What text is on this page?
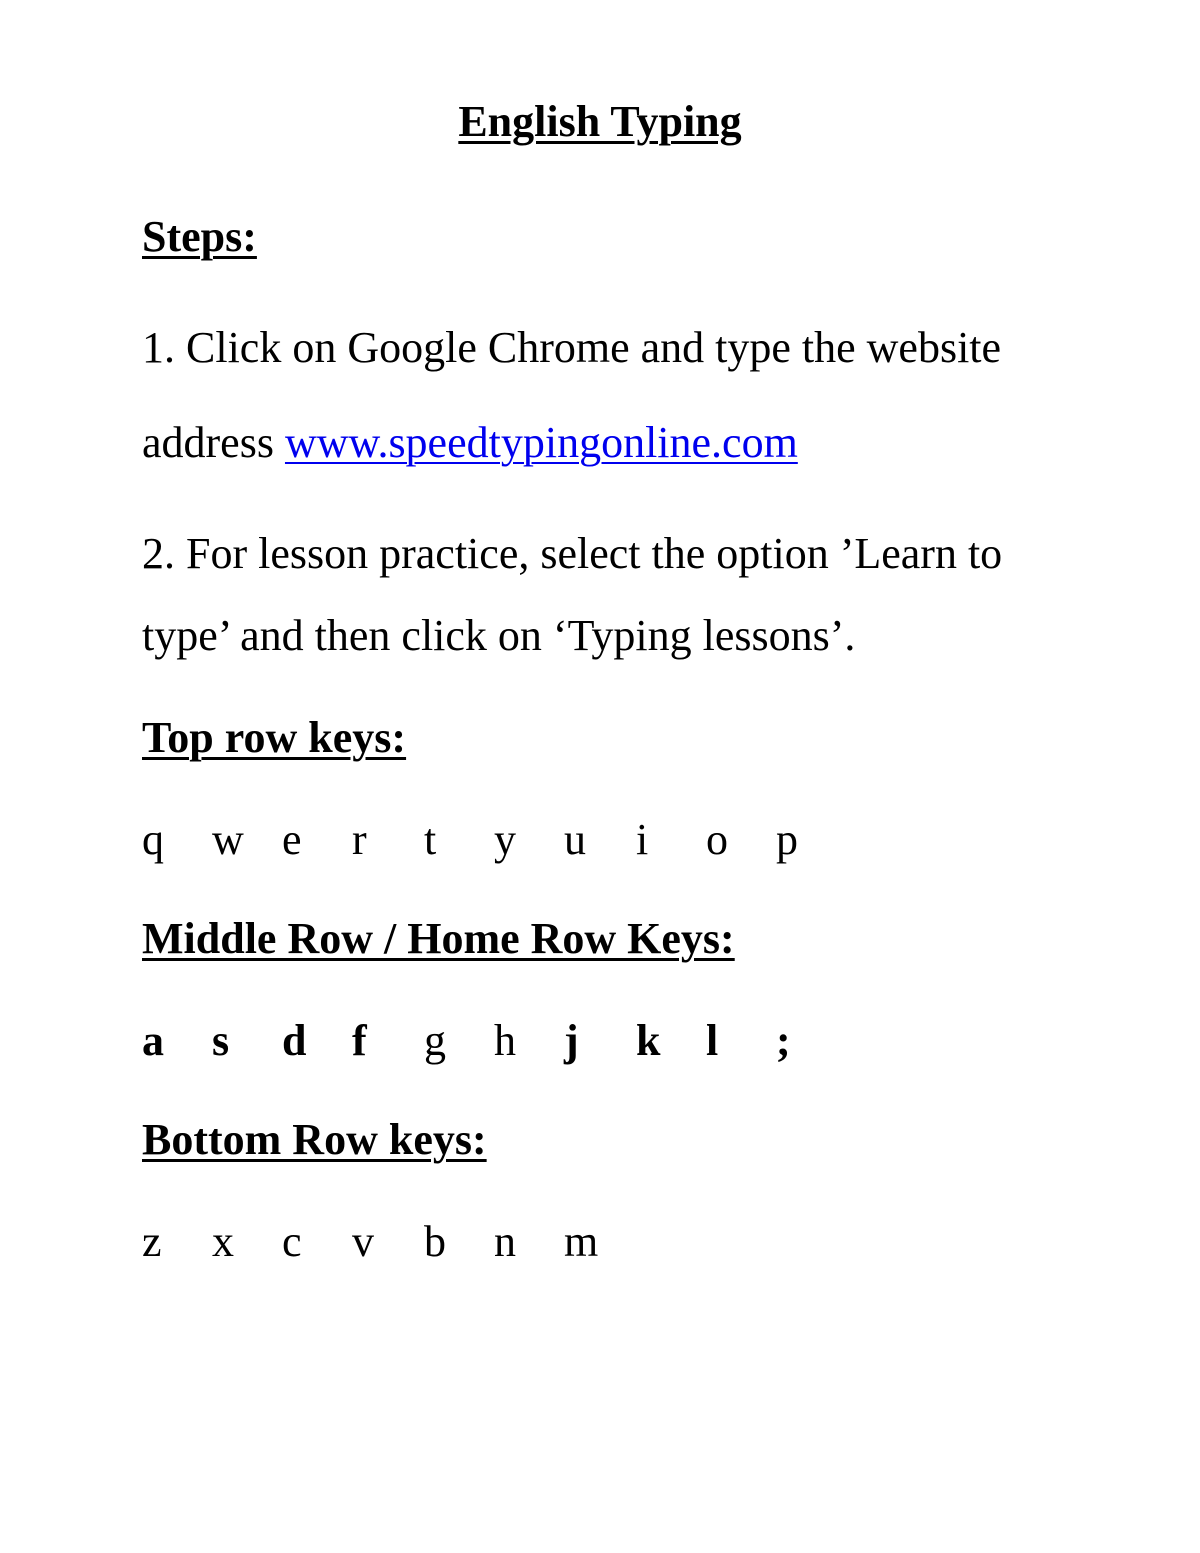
English Typing
Steps:
1. Click on Google Chrome and type the website
address www.speedtypingonline.com
2. For lesson practice, select the option ’Learn to
type’ and then click on ‘Typing lessons’.
Top row keys:
q w e r t y u i o p
Middle Row / Home Row Keys:
a s d f g h j k l ;
Bottom Row keys:
z x c v b n m
